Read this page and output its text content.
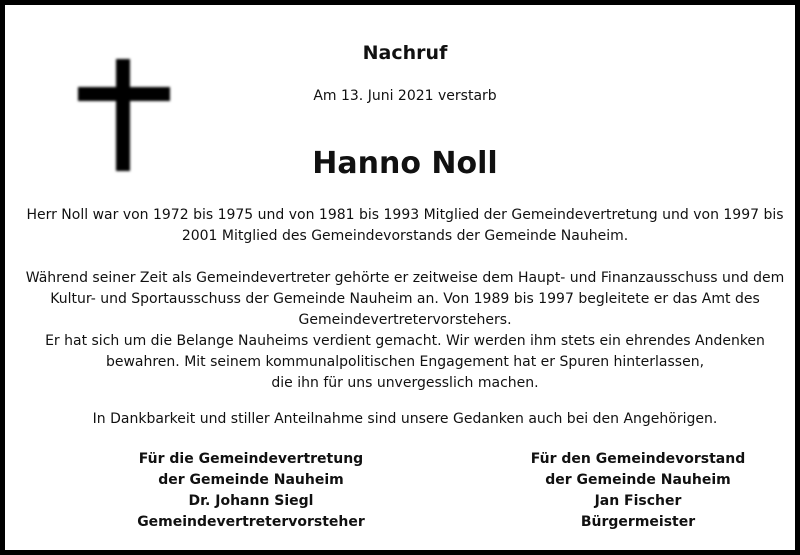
Nachruf
Am 13. Juni 2021 verstarb
Hanno Noll
Herr Noll war von 1972 bis 1975 und von 1981 bis 1993 Mitglied der Gemeindevertretung und von 1997 bis
2001 Mitglied des Gemeindevorstands der Gemeinde Nauheim.
Während seiner Zeit als Gemeindevertreter gehörte er zeitweise dem Haupt- und Finanzausschuss und dem
Kultur- und Sportausschuss der Gemeinde Nauheim an. Von 1989 bis 1997 begleitete er das Amt des
Gemeindevertretervorstehers.
Er hat sich um die Belange Nauheims verdient gemacht. Wir werden ihm stets ein ehrendes Andenken
bewahren. Mit seinem kommunalpolitischen Engagement hat er Spuren hinterlassen,
die ihn für uns unvergesslich machen.
In Dankbarkeit und stiller Anteilnahme sind unsere Gedanken auch bei den Angehörigen.
Für die Gemeindevertretung
der Gemeinde Nauheim
Dr. Johann Siegl
Gemeindevertretervorsteher
Für den Gemeindevorstand
der Gemeinde Nauheim
Jan Fischer
Bürgermeister
